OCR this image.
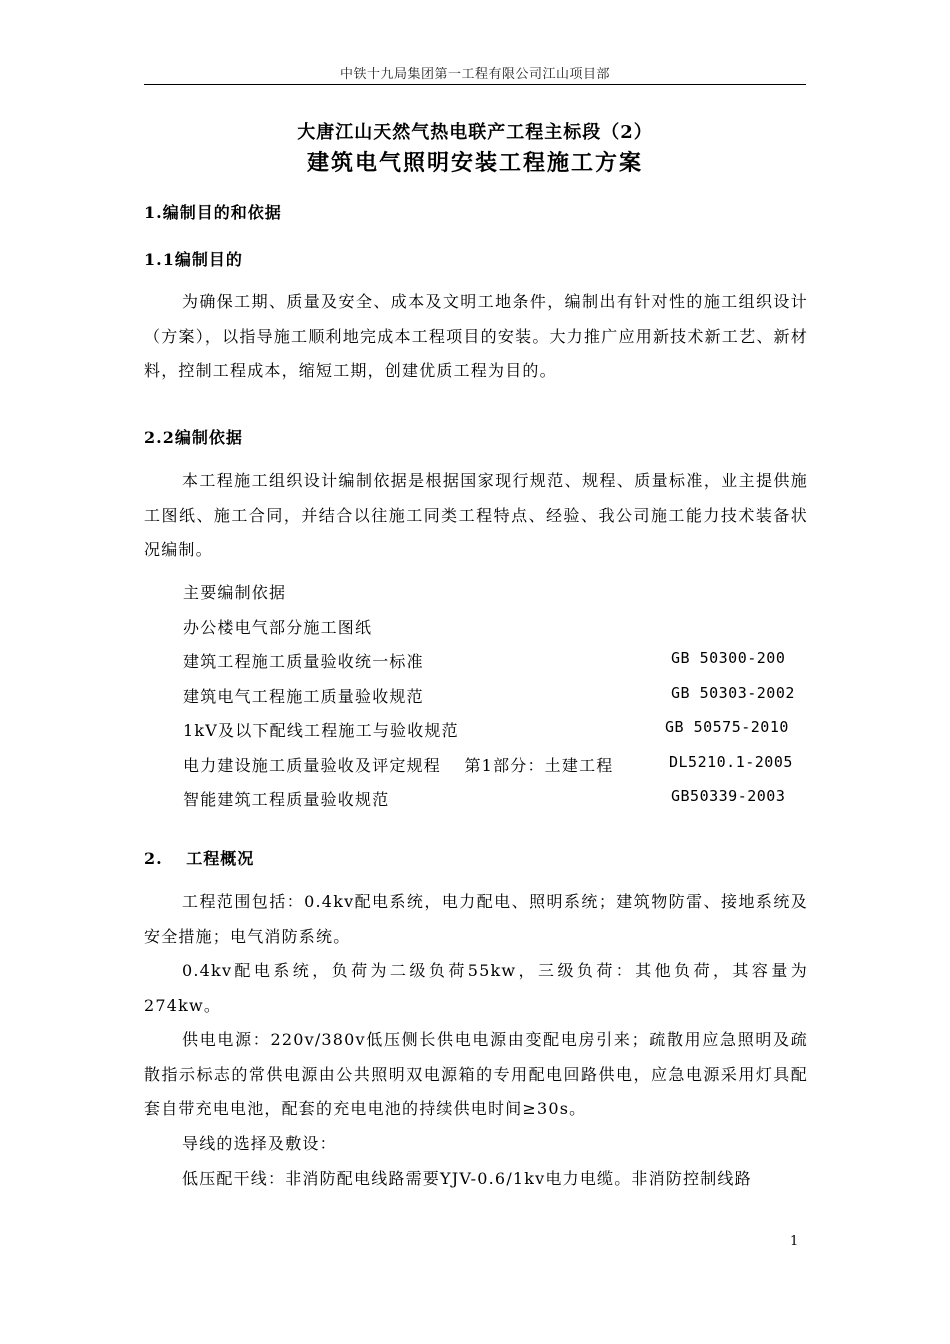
中铁十九局集团第一工程有限公司江山项目部
大唐江山天然气热电联产工程主标段（2）
建筑电气照明安装工程施工方案
1.编制目的和依据
1.1编制目的
为确保工期、质量及安全、成本及文明工地条件，编制出有针对性的施工组织设计（方案），以指导施工顺利地完成本工程项目的安装。大力推广应用新技术新工艺、新材料，控制工程成本，缩短工期，创建优质工程为目的。
2.2编制依据
本工程施工组织设计编制依据是根据国家现行规范、规程、质量标准，业主提供施工图纸、施工合同，并结合以往施工同类工程特点、经验、我公司施工能力技术装备状况编制。
主要编制依据
办公楼电气部分施工图纸
建筑工程施工质量验收统一标准	GB 50300-200
建筑电气工程施工质量验收规范	GB 50303-2002
1kV及以下配线工程施工与验收规范	GB 50575-2010
电力建设施工质量验收及评定规程　 第1部分：土建工程	DL5210.1-2005
智能建筑工程质量验收规范	GB50339-2003
2.　 工程概况
工程范围包括：0.4kv配电系统，电力配电、照明系统；建筑物防雷、接地系统及安全措施；电气消防系统。
0.4kv配电系统，负荷为二级负荷55kw，三级负荷：其他负荷，其容量为274kw。
供电电源：220v/380v低压侧长供电电源由变配电房引来；疏散用应急照明及疏散指示标志的常供电源由公共照明双电源箱的专用配电回路供电，应急电源采用灯具配套自带充电电池，配套的充电电池的持续供电时间≥30s。
导线的选择及敷设：
低压配干线：非消防配电线路需要YJV-0.6/1kv电力电缆。非消防控制线路
1
